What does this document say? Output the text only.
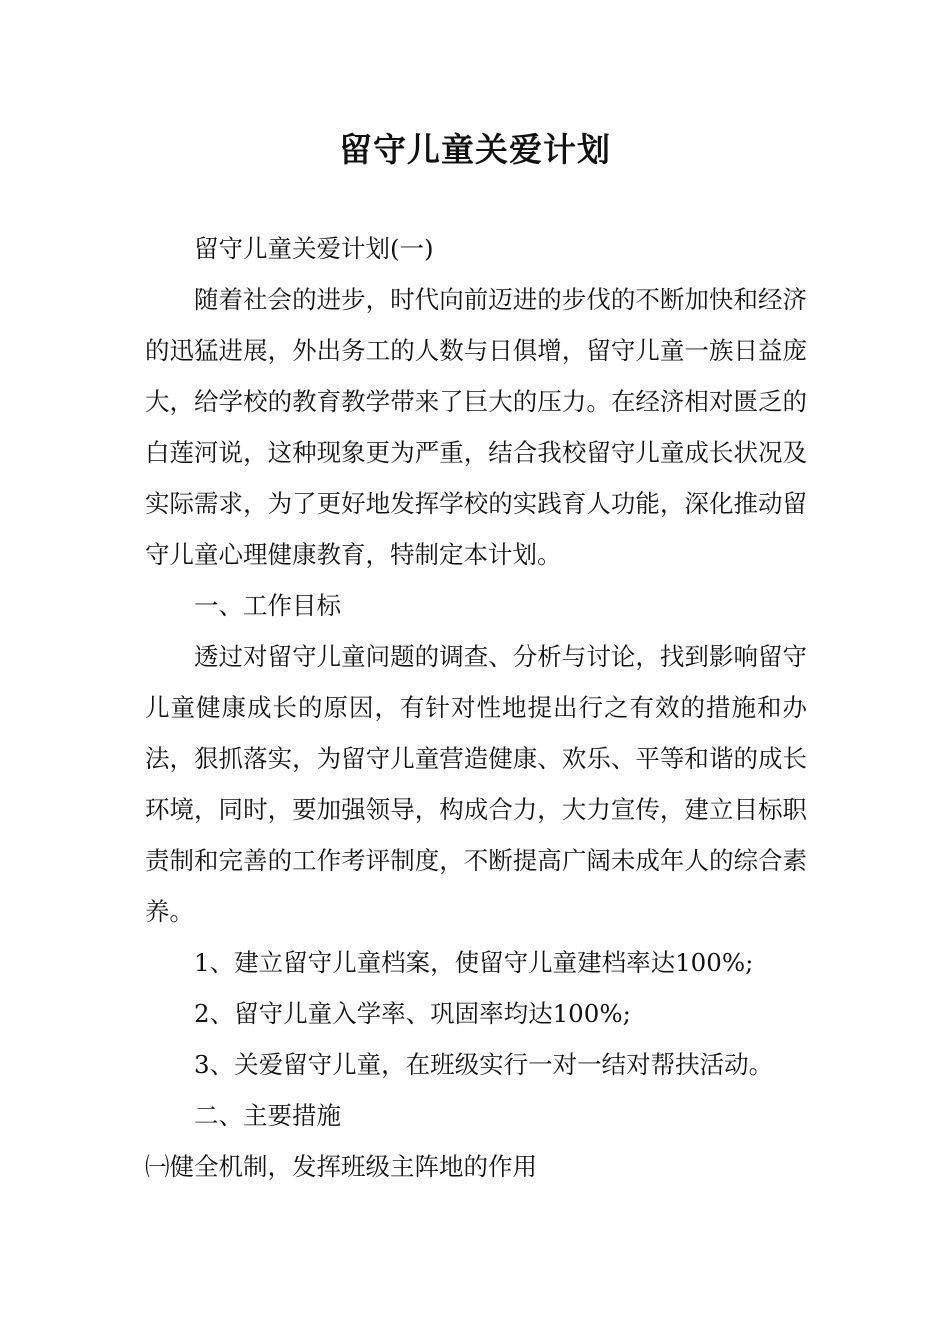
留守儿童关爱计划

留守儿童关爱计划(一)

随着社会的进步，时代向前迈进的步伐的不断加快和经济的迅猛进展，外出务工的人数与日俱增，留守儿童一族日益庞大，给学校的教育教学带来了巨大的压力。在经济相对匮乏的白莲河说，这种现象更为严重，结合我校留守儿童成长状况及实际需求，为了更好地发挥学校的实践育人功能，深化推动留守儿童心理健康教育，特制定本计划。

一、工作目标

透过对留守儿童问题的调查、分析与讨论，找到影响留守儿童健康成长的原因，有针对性地提出行之有效的措施和办法，狠抓落实，为留守儿童营造健康、欢乐、平等和谐的成长环境，同时，要加强领导，构成合力，大力宣传，建立目标职责制和完善的工作考评制度，不断提高广阔未成年人的综合素养。

1、建立留守儿童档案，使留守儿童建档率达100%;

2、留守儿童入学率、巩固率均达100%;

3、关爱留守儿童，在班级实行一对一结对帮扶活动。

二、主要措施

㈠健全机制，发挥班级主阵地的作用
